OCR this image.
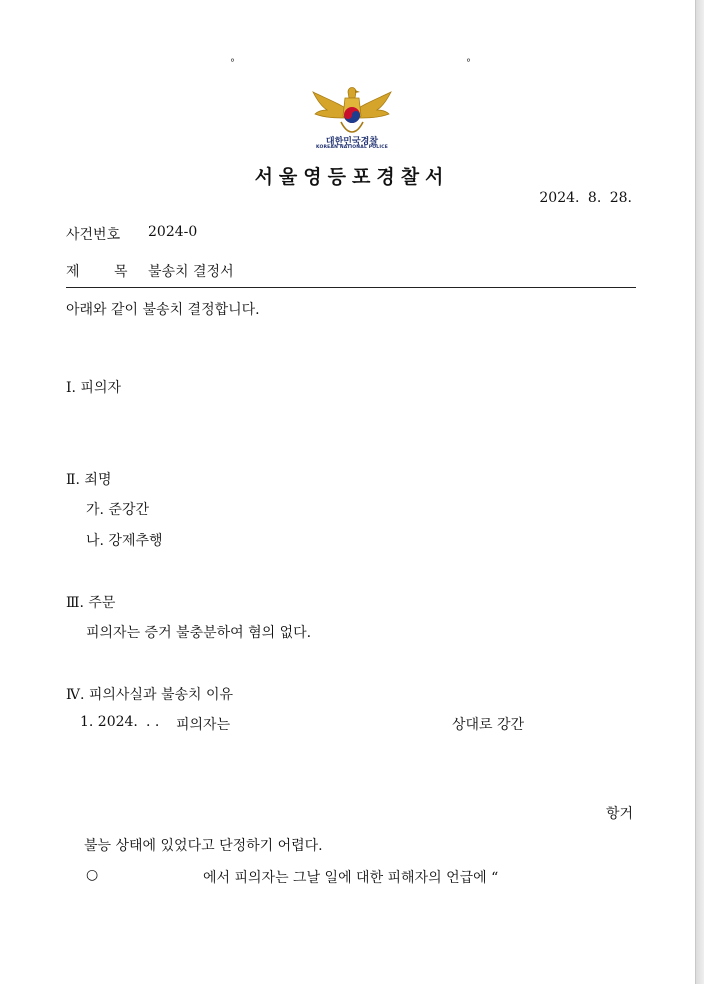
°	°
대한민국경찰
KOREAN NATIONAL POLICE
서울영등포경찰서
2024. 8. 28.
사건번호 2024-0
제 목 불송치 결정서
아래와 같이 불송치 결정합니다.
Ⅰ. 피의자
Ⅱ. 죄명
가. 준강간
나. 강제추행
Ⅲ. 주문
피의자는 증거 불충분하여 혐의 없다.
Ⅳ. 피의사실과 불송치 이유
1. 2024. . . 피의자는	상대로 강간
항거
불능 상태에 있었다고 단정하기 어렵다.
○	에서 피의자는 그날 일에 대한 피해자의 언급에 “
